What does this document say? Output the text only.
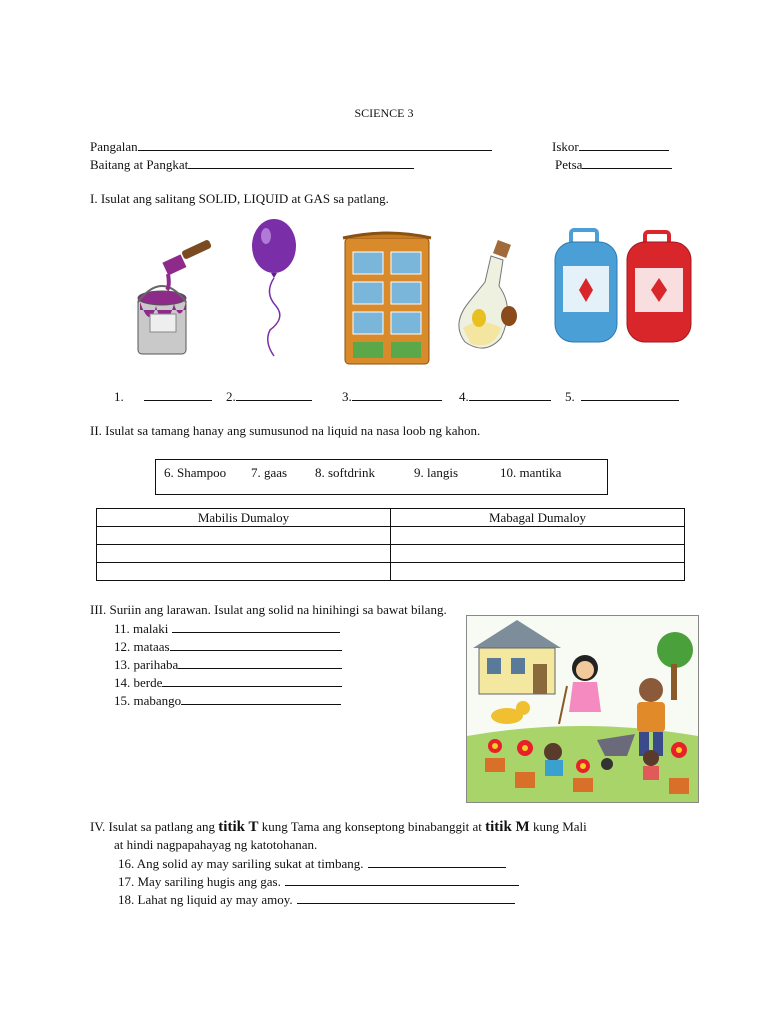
SCIENCE 3
Pangalan	Iskor
Baitang at Pangkat	Petsa
I. Isulat ang salitang SOLID, LIQUID at GAS sa patlang.
1.	2.	3.	4.	5.
II. Isulat sa tamang hanay ang sumusunod na liquid na nasa loob ng kahon.
6. Shampoo 7. gaas 8. softdrink	9. langis	10. mantika
Mabilis Dumaloy	Mabagal Dumaloy

III. Suriin ang larawan. Isulat ang solid na hinihingi sa bawat bilang.
11. malaki
12. mataas
13. parihaba
14. berde
15. mabango
IV. Isulat sa patlang ang titik T kung Tama ang konseptong binabanggit at titik M kung Mali
at hindi nagpapahayag ng katotohanan.
16. Ang solid ay may sariling sukat at timbang.
17. May sariling hugis ang gas.
18. Lahat ng liquid ay may amoy.
